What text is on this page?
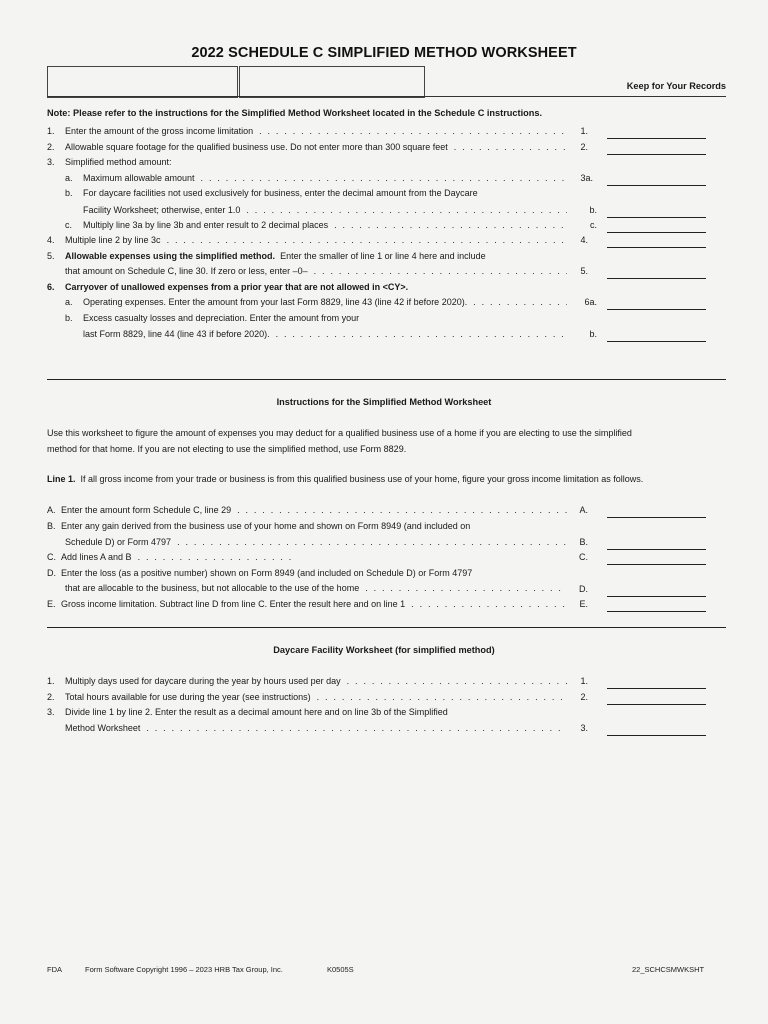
2022 SCHEDULE C SIMPLIFIED METHOD WORKSHEET
Keep for Your Records
Note: Please refer to the instructions for the Simplified Method Worksheet located in the Schedule C instructions.
1. Enter the amount of the gross income limitation . . .	1.
2. Allowable square footage for the qualified business use. Do not enter more than 300 square feet . . .	2.
3. Simplified method amount:
a. Maximum allowable amount . . .	3a.
b. For daycare facilities not used exclusively for business, enter the decimal amount from the Daycare
Facility Worksheet; otherwise, enter 1.0 . . .	b.
c. Multiply line 3a by line 3b and enter result to 2 decimal places . . .	c.
4. Multiple line 2 by line 3c . . .	4.
5. Allowable expenses using the simplified method. Enter the smaller of line 1 or line 4 here and include
that amount on Schedule C, line 30. If zero or less, enter –0– . . .	5.
6. Carryover of unallowed expenses from a prior year that are not allowed in <CY>.
a. Operating expenses. Enter the amount from your last Form 8829, line 43 (line 42 if before 2020). . . .	6a.
b. Excess casualty losses and depreciation. Enter the amount from your
last Form 8829, line 44 (line 43 if before 2020). . . .	b.
Instructions for the Simplified Method Worksheet
Use this worksheet to figure the amount of expenses you may deduct for a qualified business use of a home if you are electing to use the simplified
method for that home. If you are not electing to use the simplified method, use Form 8829.
Line 1. If all gross income from your trade or business is from this qualified business use of your home, figure your gross income limitation as follows.
A. Enter the amount form Schedule C, line 29 . . .	A.
B. Enter any gain derived from the business use of your home and shown on Form 8949 (and included on
Schedule D) or Form 4797 . . .	B.
C. Add lines A and B . . .	C.
D. Enter the loss (as a positive number) shown on Form 8949 (and included on Schedule D) or Form 4797
that are allocable to the business, but not allocable to the use of the home . . .	D.
E. Gross income limitation. Subtract line D from line C. Enter the result here and on line 1 . . .	E.
Daycare Facility Worksheet (for simplified method)
1. Multiply days used for daycare during the year by hours used per day . . .	1.
2. Total hours available for use during the year (see instructions) . . .	2.
3. Divide line 1 by line 2. Enter the result as a decimal amount here and on line 3b of the Simplified
Method Worksheet . . .	3.
FDA	Form Software Copyright 1996 – 2023 HRB Tax Group, Inc.	K0505S	22_SCHCSMWKSHT
